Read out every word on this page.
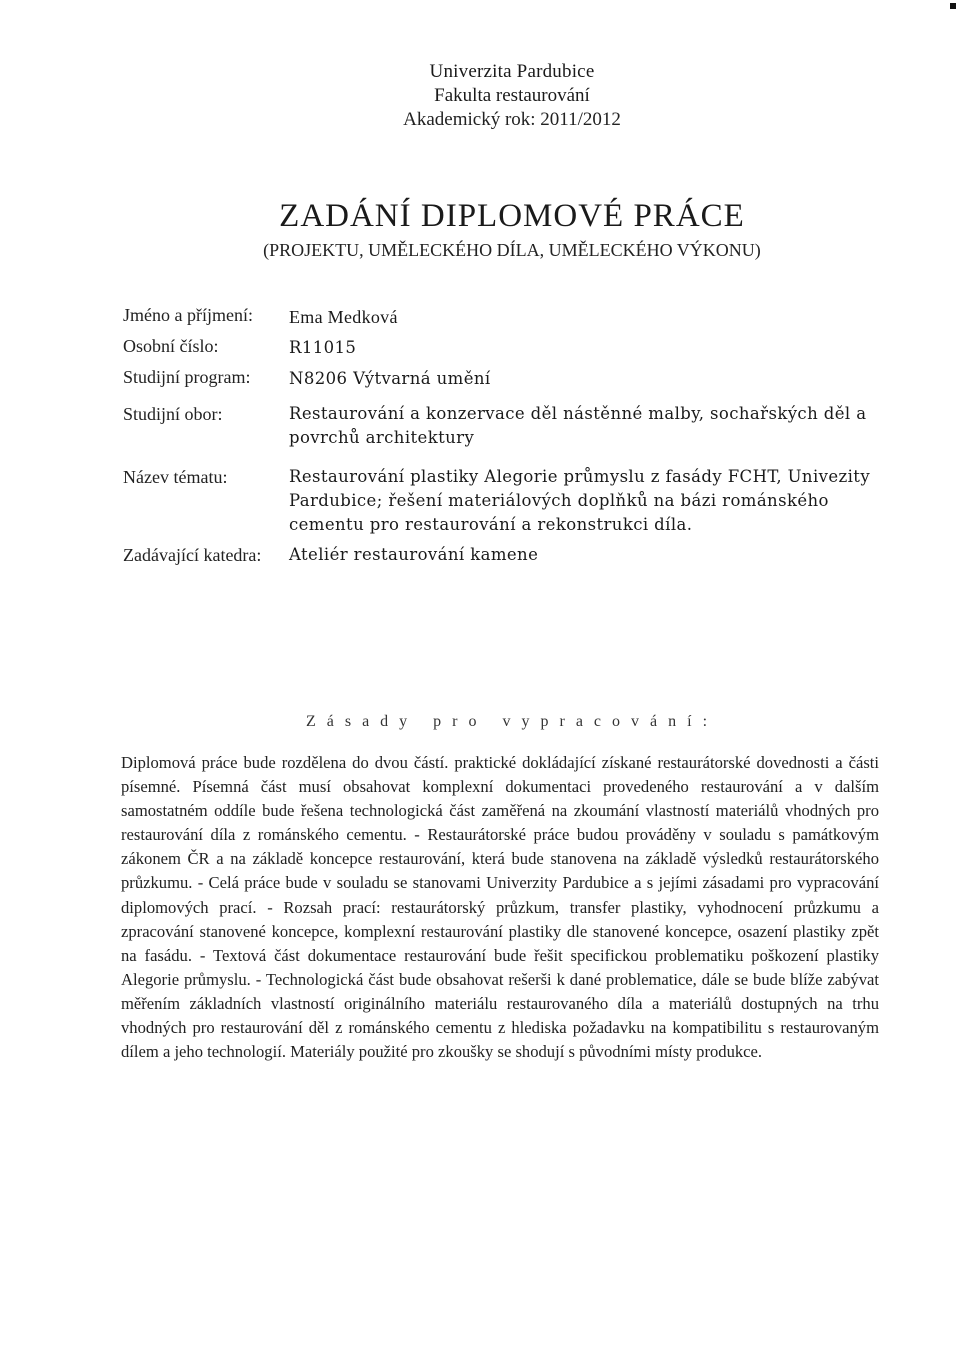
Univerzita Pardubice
Fakulta restaurování
Akademický rok: 2011/2012
ZADÁNÍ DIPLOMOVÉ PRÁCE
(PROJEKTU, UMĚLECKÉHO DÍLA, UMĚLECKÉHO VÝKONU)
Jméno a příjmení:	Ema Medková
Osobní číslo:	R11015
Studijní program:	N8206 Výtvarná umění
Studijní obor:	Restaurování a konzervace děl nástěnné malby, sochařských děl a povrchů architektury
Název tématu:	Restaurování plastiky Alegorie průmyslu z fasády FCHT, Univezity Pardubice; řešení materiálových doplňků na bázi románského cementu pro restaurování a rekonstrukci díla.
Zadávající katedra:	Ateliér restaurování kamene
Zásady pro vypracování:
Diplomová práce bude rozdělena do dvou částí. praktické dokládající získané restaurátorské dovednosti a části písemné. Písemná část musí obsahovat komplexní dokumentaci provedeného restaurování a v dalším samostatném oddíle bude řešena technologická část zaměřená na zkoumání vlastností materiálů vhodných pro restaurování díla z románského cementu. - Restaurátorské práce budou prováděny v souladu s památkovým zákonem ČR a na základě koncepce restaurování, která bude stanovena na základě výsledků restaurátorského průzkumu. - Celá práce bude v souladu se stanovami Univerzity Pardubice a s jejími zásadami pro vypracování diplomových prací. - Rozsah prací: restaurátorský průzkum, transfer plastiky, vyhodnocení průzkumu a zpracování stanovené koncepce, komplexní restaurování plastiky dle stanovené koncepce, osazení plastiky zpět na fasádu. - Textová část dokumentace restaurování bude řešit specifickou problematiku poškození plastiky Alegorie průmyslu. - Technologická část bude obsahovat rešerši k dané problematice, dále se bude blíže zabývat měřením základních vlastností originálního materiálu restaurovaného díla a materiálů dostupných na trhu vhodných pro restaurování děl z románského cementu z hlediska požadavku na kompatibilitu s restaurovaným dílem a jeho technologií. Materiály použité pro zkoušky se shodují s původními místy produkce.
